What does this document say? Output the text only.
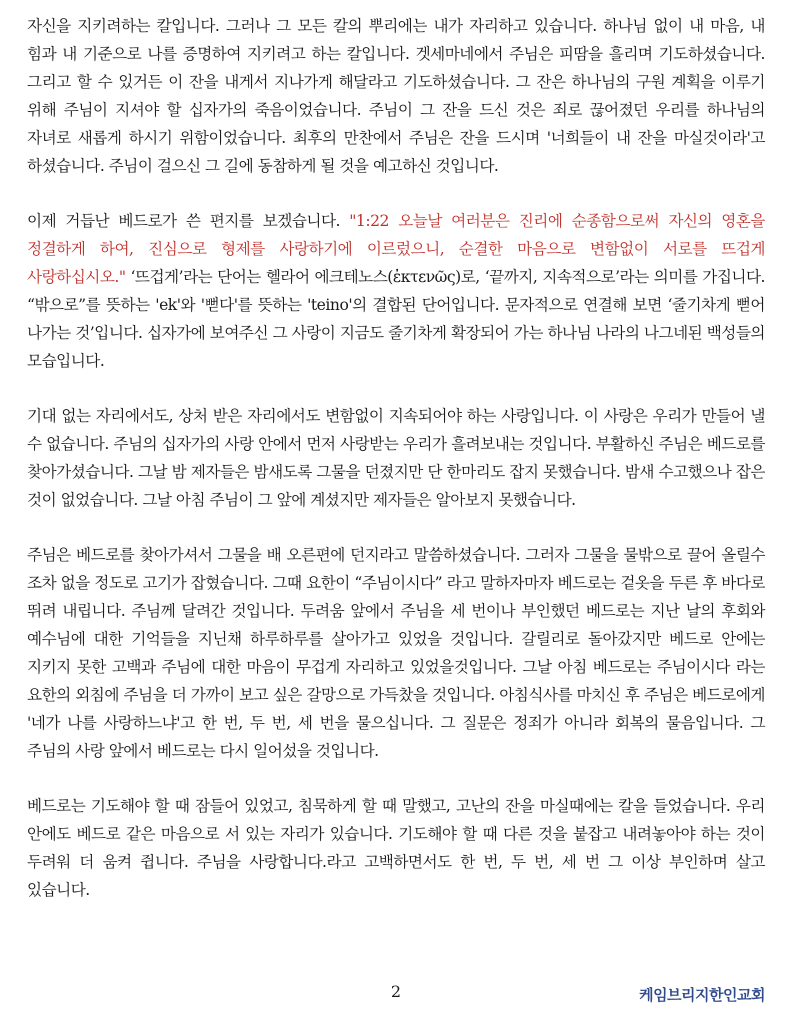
자신을 지키려하는 칼입니다. 그러나 그 모든 칼의 뿌리에는 내가 자리하고 있습니다. 하나님 없이 내 마음, 내 힘과 내 기준으로 나를 증명하여 지키려고 하는 칼입니다. 겟세마네에서 주님은 피땀을 흘리며 기도하셨습니다. 그리고 할 수 있거든 이 잔을 내게서 지나가게 해달라고 기도하셨습니다. 그 잔은 하나님의 구원 계획을 이루기 위해 주님이 지셔야 할 십자가의 죽음이었습니다. 주님이 그 잔을 드신 것은 죄로 끊어졌던 우리를 하나님의 자녀로 새롭게 하시기 위함이었습니다. 최후의 만찬에서 주님은 잔을 드시며 '너희들이 내 잔을 마실것이라'고 하셨습니다. 주님이 걸으신 그 길에 동참하게 될 것을 예고하신 것입니다.

이제 거듭난 베드로가 쓴 편지를 보겠습니다. "1:22 오늘날 여러분은 진리에 순종함으로써 자신의 영혼을 정결하게 하여, 진심으로 형제를 사랑하기에 이르렀으니, 순결한 마음으로 변함없이 서로를 뜨겁게 사랑하십시오." ‘뜨겁게’라는 단어는 헬라어 에크테노스(ἐκτενῶς)로, ‘끝까지, 지속적으로’라는 의미를 가집니다. “밖으로”를 뜻하는 'ek'와 '뻗다'를 뜻하는 'teino'의 결합된 단어입니다. 문자적으로 연결해 보면 ‘줄기차게 뻗어 나가는 것’입니다. 십자가에 보여주신 그 사랑이 지금도 줄기차게 확장되어 가는 하나님 나라의 나그네된 백성들의 모습입니다.

기대 없는 자리에서도, 상처 받은 자리에서도 변함없이 지속되어야 하는 사랑입니다. 이 사랑은 우리가 만들어 낼 수 없습니다. 주님의 십자가의 사랑 안에서 먼저 사랑받는 우리가 흘려보내는 것입니다. 부활하신 주님은 베드로를 찾아가셨습니다. 그날 밤 제자들은 밤새도록 그물을 던졌지만 단 한마리도 잡지 못했습니다. 밤새 수고했으나 잡은 것이 없었습니다. 그날 아침 주님이 그 앞에 계셨지만 제자들은 알아보지 못했습니다.

주님은 베드로를 찾아가셔서 그물을 배 오른편에 던지라고 말씀하셨습니다. 그러자 그물을 물밖으로 끌어 올릴수 조차 없을 정도로 고기가 잡혔습니다. 그때 요한이 “주님이시다” 라고 말하자마자 베드로는 겉옷을 두른 후 바다로 뛰려 내립니다. 주님께 달려간 것입니다. 두려움 앞에서 주님을 세 번이나 부인했던 베드로는 지난 날의 후회와 예수님에 대한 기억들을 지닌채 하루하루를 살아가고 있었을 것입니다. 갈릴리로 돌아갔지만 베드로 안에는 지키지 못한 고백과 주님에 대한 마음이 무겁게 자리하고 있었을것입니다. 그날 아침 베드로는 주님이시다 라는 요한의 외침에 주님을 더 가까이 보고 싶은 갈망으로 가득찼을 것입니다. 아침식사를 마치신 후 주님은 베드로에게 '네가 나를 사랑하느냐'고 한 번, 두 번, 세 번을 물으십니다. 그 질문은 정죄가 아니라 회복의 물음입니다. 그 주님의 사랑 앞에서 베드로는 다시 일어섰을 것입니다.

베드로는 기도해야 할 때 잠들어 있었고, 침묵하게 할 때 말했고, 고난의 잔을 마실때에는 칼을 들었습니다. 우리 안에도 베드로 같은 마음으로 서 있는 자리가 있습니다. 기도해야 할 때 다른 것을 붙잡고 내려놓아야 하는 것이 두려워 더 움켜 쥡니다. 주님을 사랑합니다.라고 고백하면서도 한 번, 두 번, 세 번 그 이상 부인하며 살고 있습니다.

2	케임브리지한인교회
